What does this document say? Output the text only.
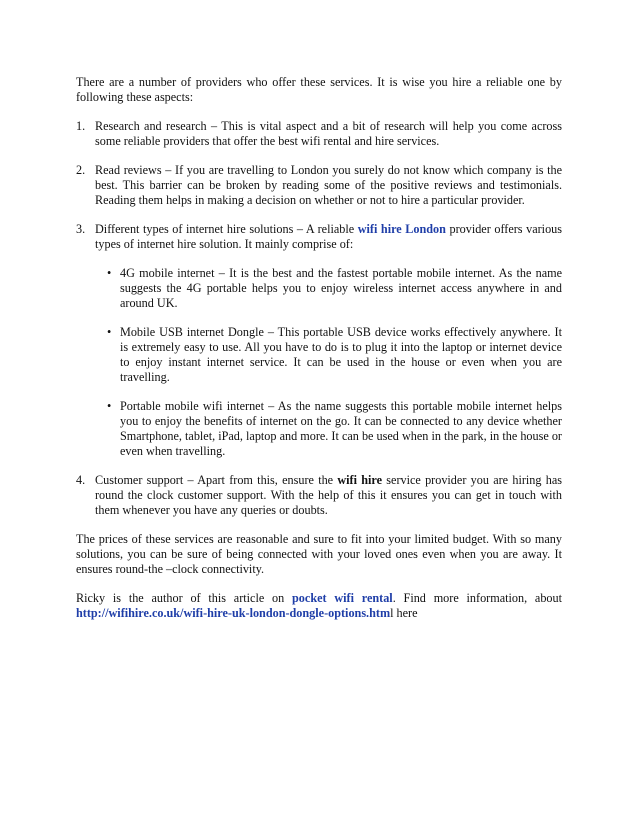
There are a number of providers who offer these services. It is wise you hire a reliable one by following these aspects:

1. Research and research – This is vital aspect and a bit of research will help you come across some reliable providers that offer the best wifi rental and hire services.
2. Read reviews – If you are travelling to London you surely do not know which company is the best. This barrier can be broken by reading some of the positive reviews and testimonials. Reading them helps in making a decision on whether or not to hire a particular provider.
3. Different types of internet hire solutions – A reliable wifi hire London provider offers various types of internet hire solution. It mainly comprise of:
• 4G mobile internet – It is the best and the fastest portable mobile internet. As the name suggests the 4G portable helps you to enjoy wireless internet access anywhere in and around UK.
• Mobile USB internet Dongle – This portable USB device works effectively anywhere. It is extremely easy to use. All you have to do is to plug it into the laptop or internet device to enjoy instant internet service. It can be used in the house or even when you are travelling.
• Portable mobile wifi internet – As the name suggests this portable mobile internet helps you to enjoy the benefits of internet on the go. It can be connected to any device whether Smartphone, tablet, iPad, laptop and more. It can be used when in the park, in the house or even when travelling.
4. Customer support – Apart from this, ensure the wifi hire service provider you are hiring has round the clock customer support. With the help of this it ensures you can get in touch with them whenever you have any queries or doubts.

The prices of these services are reasonable and sure to fit into your limited budget. With so many solutions, you can be sure of being connected with your loved ones even when you are away. It ensures round-the –clock connectivity.

Ricky is the author of this article on pocket wifi rental. Find more information, about http://wifihire.co.uk/wifi-hire-uk-london-dongle-options.html here
